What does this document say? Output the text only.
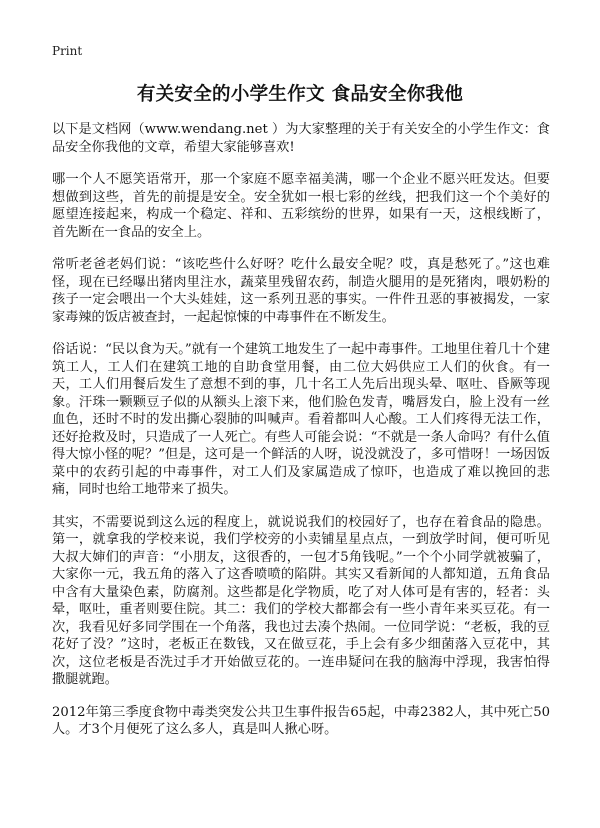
Print
有关安全的小学生作文 食品安全你我他

以下是文档网（www.wendang.net ）为大家整理的关于有关安全的小学生作文：食品安全你我他的文章，希望大家能够喜欢!

哪一个人不愿笑语常开，那一个家庭不愿幸福美满，哪一个企业不愿兴旺发达。但要想做到这些，首先的前提是安全。安全犹如一根七彩的丝线，把我们这一个个美好的愿望连接起来，构成一个稳定、祥和、五彩缤纷的世界，如果有一天，这根线断了，首先断在一食品的安全上。

常听老爸老妈们说：“该吃些什么好呀？吃什么最安全呢？哎，真是愁死了。”这也难怪，现在已经曝出猪肉里注水，蔬菜里残留农药，制造火腿用的是死猪肉，喂奶粉的孩子一定会喂出一个大头娃娃，这一系列丑恶的事实。一件件丑恶的事被揭发，一家家毒辣的饭店被查封，一起起惊悚的中毒事件在不断发生。

俗话说：“民以食为天。”就有一个建筑工地发生了一起中毒事件。工地里住着几十个建筑工人，工人们在建筑工地的自助食堂用餐，由二位大妈供应工人们的伙食。有一天，工人们用餐后发生了意想不到的事，几十名工人先后出现头晕、呕吐、昏厥等现象。汗珠一颗颗豆子似的从额头上滚下来，他们脸色发青，嘴唇发白，脸上没有一丝血色，还时不时的发出撕心裂肺的叫喊声。看着都叫人心酸。工人们疼得无法工作，还好抢救及时，只造成了一人死亡。有些人可能会说：“不就是一条人命吗？有什么值得大惊小怪的呢？”但是，这可是一个鲜活的人呀，说没就没了，多可惜呀！一场因饭菜中的农药引起的中毒事件，对工人们及家属造成了惊吓，也造成了难以挽回的悲痛，同时也给工地带来了损失。

其实，不需要说到这么远的程度上，就说说我们的校园好了，也存在着食品的隐患。第一，就拿我的学校来说，我们学校旁的小卖铺星星点点，一到放学时间，便可听见大叔大婶们的声音：“小朋友，这很香的，一包才5角钱呢。”一个个小同学就被骗了，大家你一元，我五角的落入了这香喷喷的陷阱。其实又看新闻的人都知道，五角食品中含有大量染色素，防腐剂。这些都是化学物质，吃了对人体可是有害的，轻者：头晕，呕吐，重者则要住院。其二：我们的学校大都都会有一些小青年来买豆花。有一次，我看见好多同学围在一个角落，我也过去凑个热闹。一位同学说：“老板，我的豆花好了没？”这时，老板正在数钱，又在做豆花，手上会有多少细菌落入豆花中，其次，这位老板是否洗过手才开始做豆花的。一连串疑问在我的脑海中浮现，我害怕得撒腿就跑。

2012年第三季度食物中毒类突发公共卫生事件报告65起，中毒2382人，其中死亡50人。才3个月便死了这么多人，真是叫人揪心呀。
